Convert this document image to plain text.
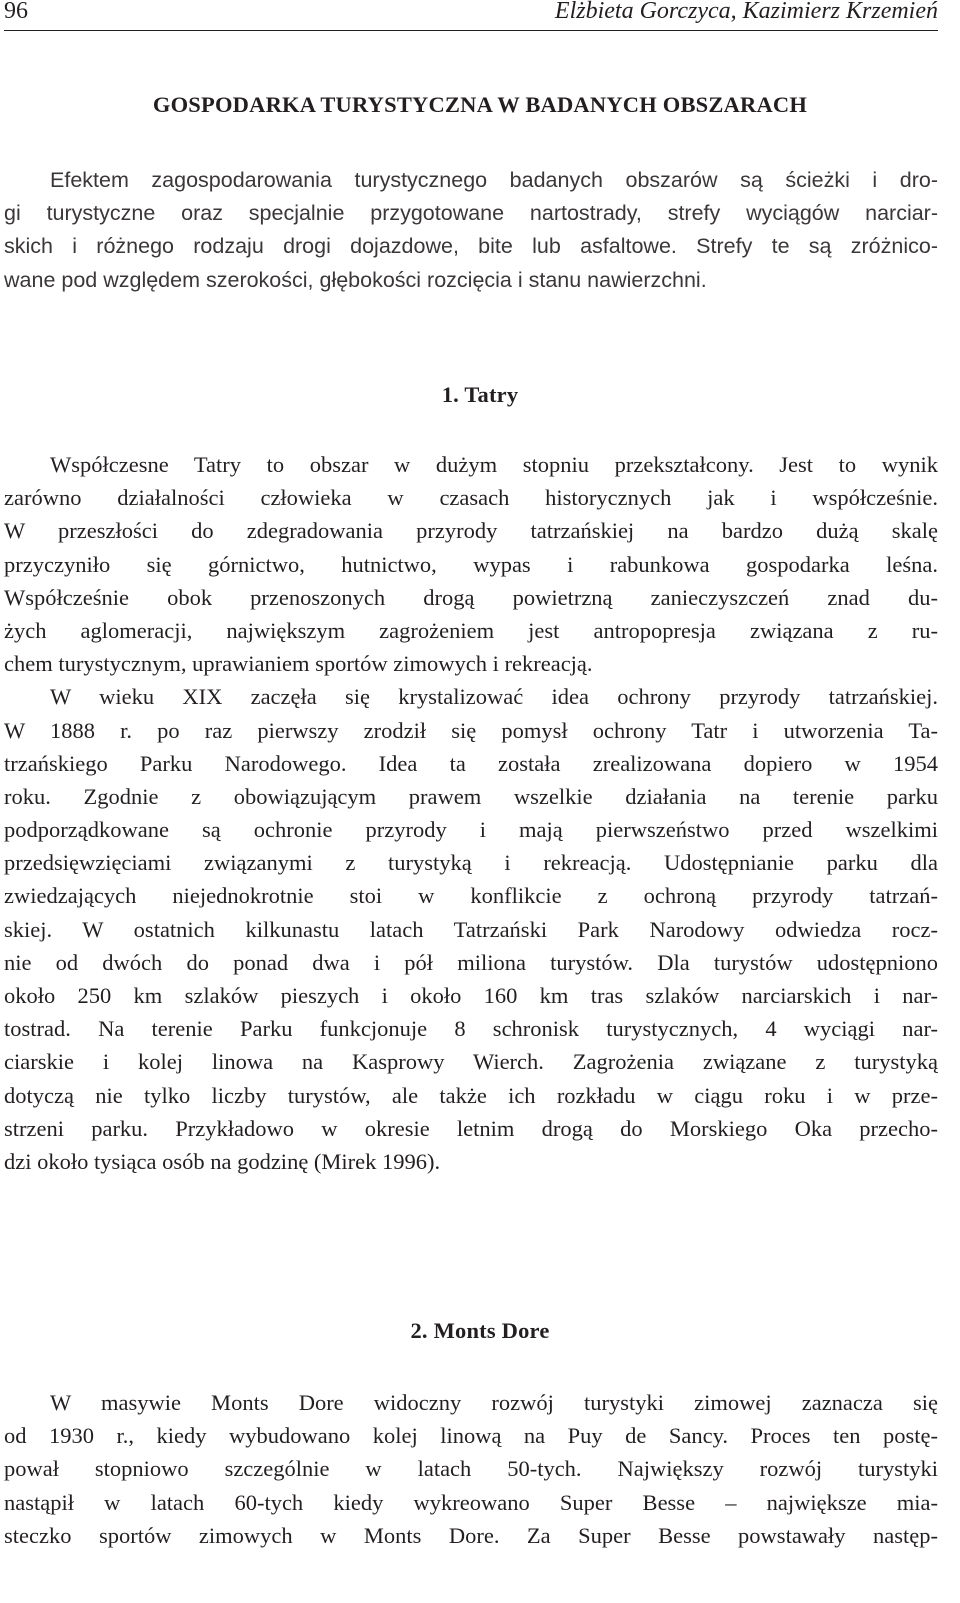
96	Elżbieta Gorczyca, Kazimierz Krzemień
GOSPODARKA TURYSTYCZNA W BADANYCH OBSZARACH
Efektem zagospodarowania turystycznego badanych obszarów są ścieżki i dro-
gi turystyczne oraz specjalnie przygotowane nartostrady, strefy wyciągów narciar-
skich i różnego rodzaju drogi dojazdowe, bite lub asfaltowe. Strefy te są zróżnico-
wane pod względem szerokości, głębokości rozcięcia i stanu nawierzchni.
1. Tatry
Współczesne Tatry to obszar w dużym stopniu przekształcony. Jest to wynik
zarówno działalności człowieka w czasach historycznych jak i współcześnie.
W przeszłości do zdegradowania przyrody tatrzańskiej na bardzo dużą skalę
przyczyniło się górnictwo, hutnictwo, wypas i rabunkowa gospodarka leśna.
Współcześnie obok przenoszonych drogą powietrzną zanieczyszczeń znad du-
żych aglomeracji, największym zagrożeniem jest antropopresja związana z ru-
chem turystycznym, uprawianiem sportów zimowych i rekreacją.
W wieku XIX zaczęła się krystalizować idea ochrony przyrody tatrzańskiej.
W 1888 r. po raz pierwszy zrodził się pomysł ochrony Tatr i utworzenia Ta-
trzańskiego Parku Narodowego. Idea ta została zrealizowana dopiero w 1954
roku. Zgodnie z obowiązującym prawem wszelkie działania na terenie parku
podporządkowane są ochronie przyrody i mają pierwszeństwo przed wszelkimi
przedsięwzięciami związanymi z turystyką i rekreacją. Udostępnianie parku dla
zwiedzających niejednokrotnie stoi w konflikcie z ochroną przyrody tatrzań-
skiej. W ostatnich kilkunastu latach Tatrzański Park Narodowy odwiedza rocz-
nie od dwóch do ponad dwa i pół miliona turystów. Dla turystów udostępniono
około 250 km szlaków pieszych i około 160 km tras szlaków narciarskich i nar-
tostrad. Na terenie Parku funkcjonuje 8 schronisk turystycznych, 4 wyciągi nar-
ciarskie i kolej linowa na Kasprowy Wierch. Zagrożenia związane z turystyką
dotyczą nie tylko liczby turystów, ale także ich rozkładu w ciągu roku i w prze-
strzeni parku. Przykładowo w okresie letnim drogą do Morskiego Oka przecho-
dzi około tysiąca osób na godzinę (Mirek 1996).
2. Monts Dore
W masywie Monts Dore widoczny rozwój turystyki zimowej zaznacza się
od 1930 r., kiedy wybudowano kolej linową na Puy de Sancy. Proces ten postę-
pował stopniowo szczególnie w latach 50-tych. Największy rozwój turystyki
nastąpił w latach 60-tych kiedy wykreowano Super Besse – największe mia-
steczko sportów zimowych w Monts Dore. Za Super Besse powstawały następ-
